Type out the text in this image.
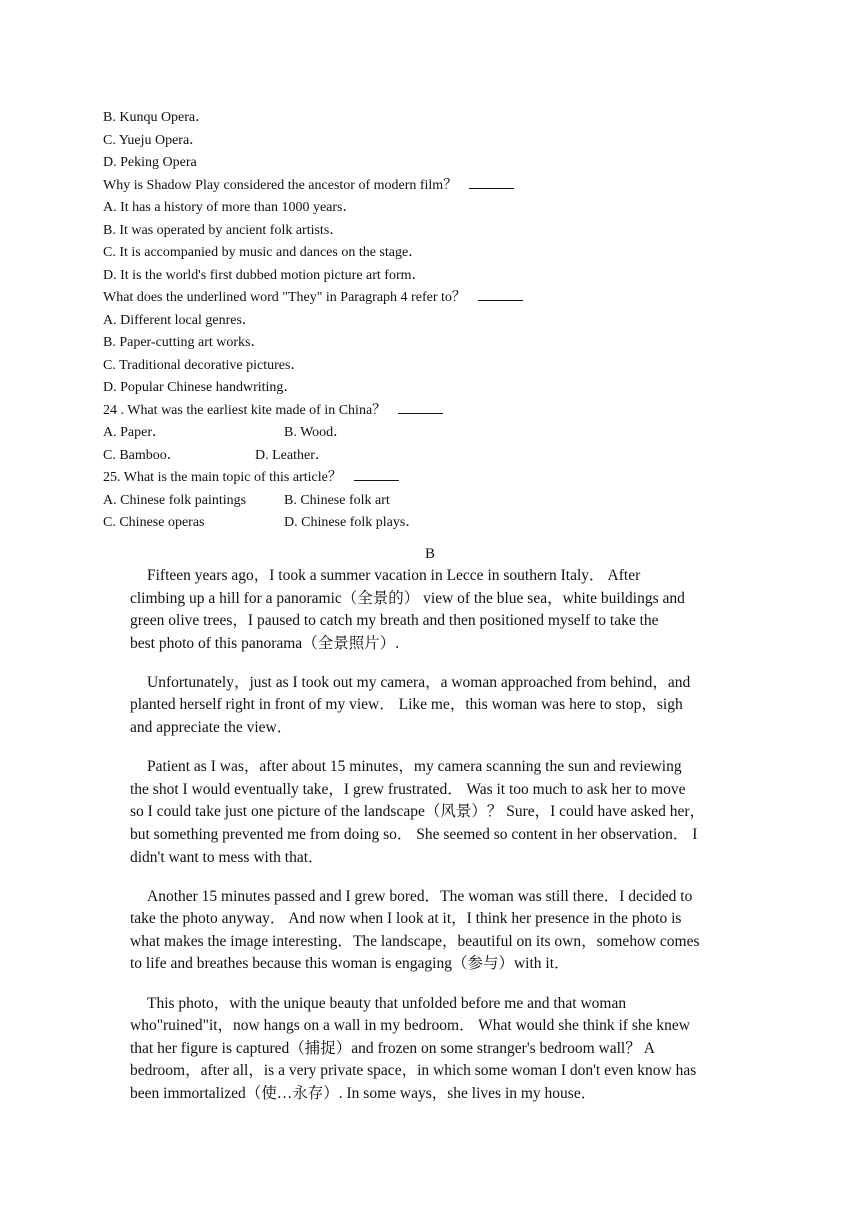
B. Kunqu Opera．
C. Yueju Opera．
D. Peking Opera
Why is Shadow Play considered the ancestor of modern film？
A. It has a history of more than 1000 years．
B. It was operated by ancient folk artists．
C. It is accompanied by music and dances on the stage．
D. It is the world's first dubbed motion picture art form．
What does the underlined word "They" in Paragraph 4 refer to？
A. Different local genres．
B. Paper-cutting art works．
C. Traditional decorative pictures．
D. Popular Chinese handwriting．
24 . What was the earliest kite made of in China？
A. Paper．	B. Wood．
C. Bamboo．	D. Leather．
25. What is the main topic of this article？
A. Chinese folk paintings	B. Chinese folk art
C. Chinese operas	D. Chinese folk plays．
B

Fifteen years ago，I took a summer vacation in Lecce in southern Italy． After
climbing up a hill for a panoramic（全景的） view of the blue sea，white buildings and
green olive trees，I paused to catch my breath and then positioned myself to take the
best photo of this panorama（全景照片）.

Unfortunately，just as I took out my camera，a woman approached from behind，and
planted herself right in front of my view． Like me，this woman was here to stop，sigh
and appreciate the view．

Patient as I was，after about 15 minutes，my camera scanning the sun and reviewing
the shot I would eventually take，I grew frustrated． Was it too much to ask her to move
so I could take just one picture of the landscape（风景）？ Sure，I could have asked her，
but something prevented me from doing so． She seemed so content in her observation． I
didn't want to mess with that．

Another 15 minutes passed and I grew bored．The woman was still there．I decided to
take the photo anyway． And now when I look at it，I think her presence in the photo is
what makes the image interesting．The landscape，beautiful on its own，somehow comes
to life and breathes because this woman is engaging（参与）with it．

This photo，with the unique beauty that unfolded before me and that woman
who"ruined"it，now hangs on a wall in my bedroom． What would she think if she knew
that her figure is captured（捕捉）and frozen on some stranger's bedroom wall？ A
bedroom，after all，is a very private space，in which some woman I don't even know has
been immortalized（使…永存）. In some ways，she lives in my house．
